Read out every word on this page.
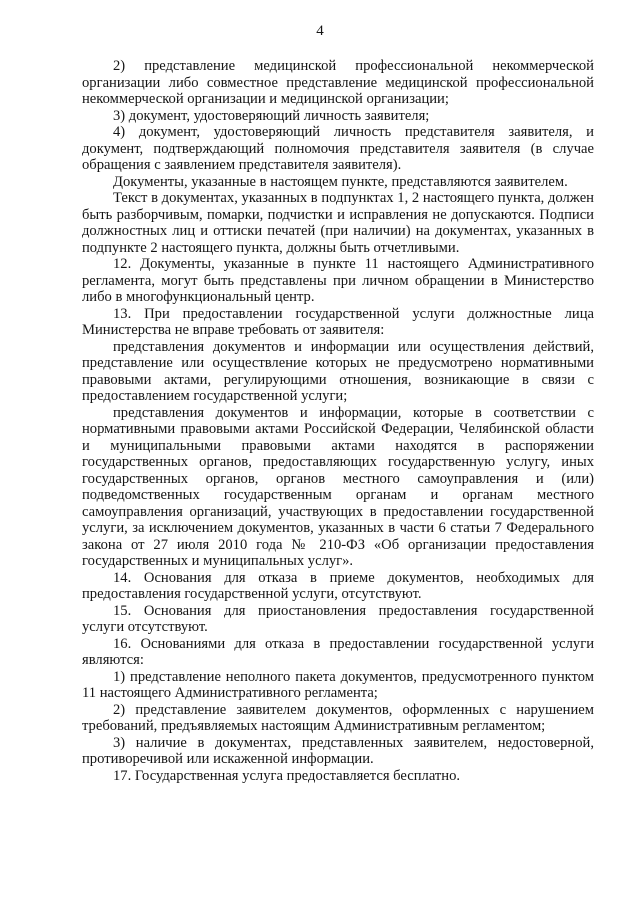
4

2) представление медицинской профессиональной некоммерческой организации либо совместное представление медицинской профессиональной некоммерческой организации и медицинской организации;

3) документ, удостоверяющий личность заявителя;

4) документ, удостоверяющий личность представителя заявителя, и документ, подтверждающий полномочия представителя заявителя (в случае обращения с заявлением представителя заявителя).

Документы, указанные в настоящем пункте, представляются заявителем.

Текст в документах, указанных в подпунктах 1, 2 настоящего пункта, должен быть разборчивым, помарки, подчистки и исправления не допускаются. Подписи должностных лиц и оттиски печатей (при наличии) на документах, указанных в подпункте 2 настоящего пункта, должны быть отчетливыми.

12. Документы, указанные в пункте 11 настоящего Административного регламента, могут быть представлены при личном обращении в Министерство либо в многофункциональный центр.

13. При предоставлении государственной услуги должностные лица Министерства не вправе требовать от заявителя:

представления документов и информации или осуществления действий, представление или осуществление которых не предусмотрено нормативными правовыми актами, регулирующими отношения, возникающие в связи с предоставлением государственной услуги;

представления документов и информации, которые в соответствии с нормативными правовыми актами Российской Федерации, Челябинской области и муниципальными правовыми актами находятся в распоряжении государственных органов, предоставляющих государственную услугу, иных государственных органов, органов местного самоуправления и (или) подведомственных государственным органам и органам местного самоуправления организаций, участвующих в предоставлении государственной услуги, за исключением документов, указанных в части 6 статьи 7 Федерального закона от 27 июля 2010 года № 210-ФЗ «Об организации предоставления государственных и муниципальных услуг».

14. Основания для отказа в приеме документов, необходимых для предоставления государственной услуги, отсутствуют.

15. Основания для приостановления предоставления государственной услуги отсутствуют.

16. Основаниями для отказа в предоставлении государственной услуги являются:

1) представление неполного пакета документов, предусмотренного пунктом 11 настоящего Административного регламента;

2) представление заявителем документов, оформленных с нарушением требований, предъявляемых настоящим Административным регламентом;

3) наличие в документах, представленных заявителем, недостоверной, противоречивой или искаженной информации.

17. Государственная услуга предоставляется бесплатно.
